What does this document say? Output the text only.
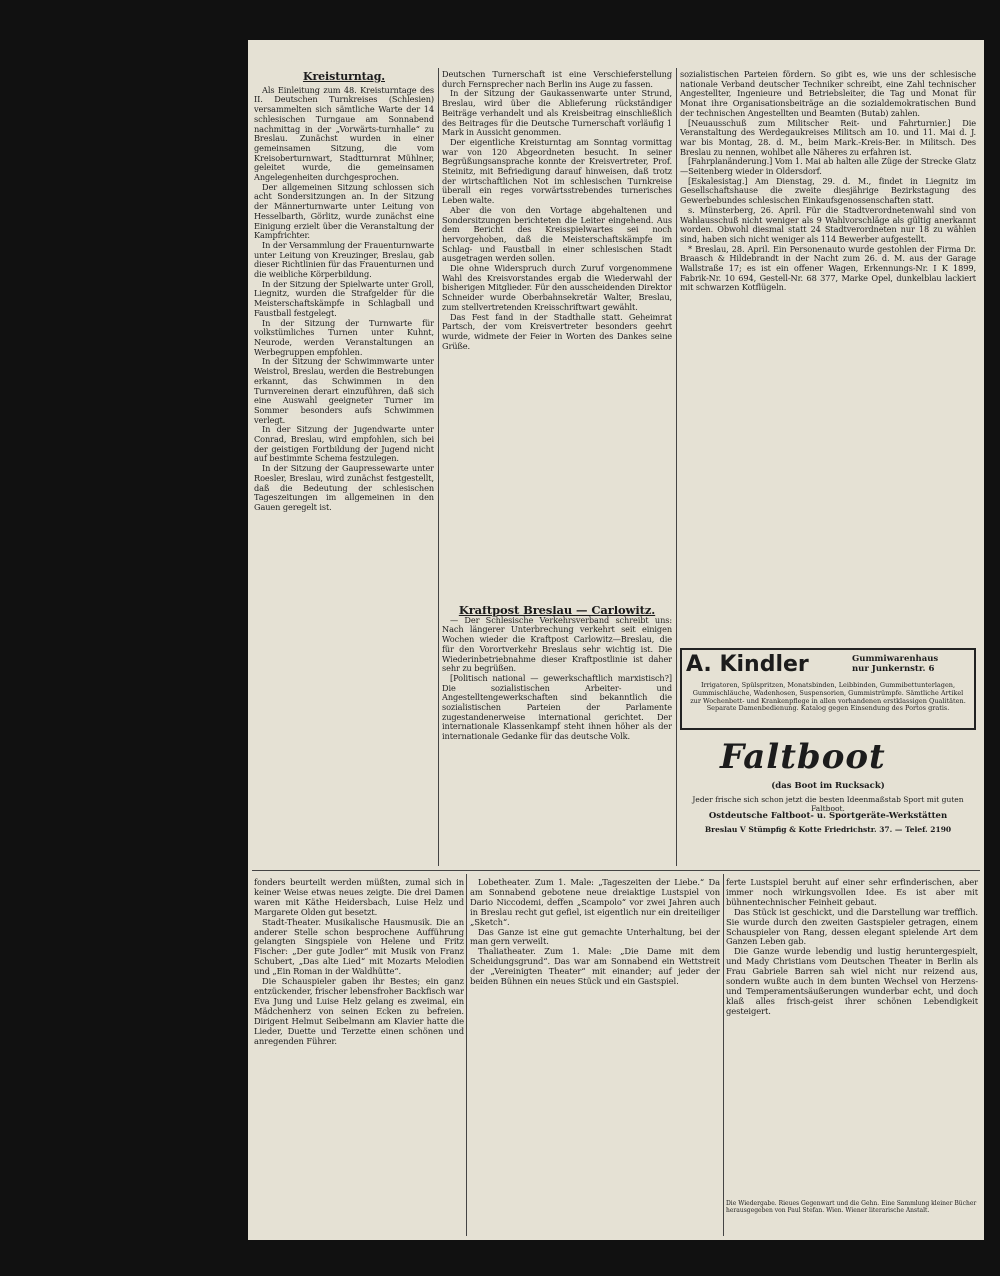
Kreisturntag.

Als Einleitung zum 48. Kreisturntage des II. Deutschen Turnkreises (Schlesien) versammelten sich sämtliche Warte der 14 schlesischen Turngaue am Sonnabend nachmittag in der „Vorwärts-turnhalle“ zu Breslau. Zunächst wurden in einer gemeinsamen Sitzung, die vom Kreisoberturnwart, Stadtturnrat Mühlner, geleitet wurde, die gemeinsamen Angelegenheiten durchgesprochen.

Der allgemeinen Sitzung schlossen sich acht Sondersitzungen an. In der Sitzung der Männerturnwarte unter Leitung von Hesselbarth, Görlitz, wurde zunächst eine Einigung erzielt über die Veranstaltung der Kampfrichter.

In der Versammlung der Frauenturnwarte unter Leitung von Kreuzinger, Breslau, gab dieser Richtlinien für das Frauenturnen und die weibliche Körperbildung.

In der Sitzung der Spielwarte unter Groll, Liegnitz, wurden die Strafgelder für die Meisterschaftskämpfe in Schlagball und Faustball festgelegt.

In der Sitzung der Turnwarte für volkstümliches Turnen unter Kuhnt, Neurode, werden Veranstaltungen an Werbegruppen empfohlen.

In der Sitzung der Schwimmwarte unter Weistrol, Breslau, werden die Bestrebungen erkannt, das Schwimmen in den Turnvereinen derart einzuführen, daß sich eine Auswahl geeigneter Turner im Sommer besonders aufs Schwimmen verlegt.

In der Sitzung der Jugendwarte unter Conrad, Breslau, wird empfohlen, sich bei der geistigen Fortbildung der Jugend nicht auf bestimmte Schema festzulegen.

In der Sitzung der Gaupressewarte unter Roesler, Breslau, wird zunächst festgestellt, daß die Bedeutung der schlesischen Tageszeitungen im allgemeinen in den Gauen geregelt ist.

Deutschen Turnerschaft ist eine Verschieferstellung durch Fernsprecher nach Berlin ins Auge zu fassen.

In der Sitzung der Gaukassenwarte unter Strund, Breslau, wird über die Ablieferung rückständiger Beiträge verhandelt und als Kreisbeitrag einschließlich des Beitrages für die Deutsche Turnerschaft vorläufig 1 Mark in Aussicht genommen.

Der eigentliche Kreisturntag am Sonntag vormittag war von 120 Abgeordneten besucht. In seiner Begrüßungsansprache konnte der Kreisvertreter, Prof. Steinitz, mit Befriedigung darauf hinweisen, daß trotz der wirtschaftlichen Not im schlesischen Turnkreise überall ein reges vorwärtsstrebendes turnerisches Leben walte.

Aber die von den Vortage abgehaltenen und Sondersitzungen berichteten die Leiter eingehend. Aus dem Bericht des Kreisspielwartes sei noch hervorgehoben, daß die Meisterschaftskämpfe im Schlag- und Faustball in einer schlesischen Stadt ausgetragen werden sollen.

Die ohne Widerspruch durch Zuruf vorgenommene Wahl des Kreisvorstandes ergab die Wiederwahl der bisherigen Mitglieder. Für den ausscheidenden Direktor Schneider wurde Oberbahnsekretär Walter, Breslau, zum stellvertretenden Kreisschriftwart gewählt.

Das Fest fand in der Stadthalle statt. Geheimrat Partsch, der vom Kreisvertreter besonders geehrt wurde, widmete der Feier in Worten des Dankes seine Grüße.

Kraftpost Breslau — Carlowitz.

— Der Schlesische Verkehrsverband schreibt uns: Nach längerer Unterbrechung verkehrt seit einigen Wochen wieder die Kraftpost Carlowitz—Breslau, die für den Vorortverkehr Breslaus sehr wichtig ist. Die Wiederinbetriebnahme dieser Kraftpostlinie ist daher sehr zu begrüßen.

[Politisch national — gewerkschaftlich marxistisch?] Die sozialistischen Arbeiter- und Angestelltengewerkschaften sind bekanntlich die sozialistischen Parteien der Parlamente zugestandenerweise international gerichtet. Der internationale Klassenkampf steht ihnen höher als der internationale Gedanke für das deutsche Volk.

sozialistischen Parteien fördern. So gibt es, wie uns der schlesische nationale Verband deutscher Techniker schreibt, eine Zahl technischer Angestellter, Ingenieure und Betriebsleiter, die Tag und Monat für Monat ihre Organisationsbeiträge an die sozialdemokratischen Bund der technischen Angestellten und Beamten (Butab) zahlen.

[Neuausschuß zum Militscher Reit- und Fahrturnier.] Die Veranstaltung des Werdegaukreises Militsch am 10. und 11. Mai d. J. war bis Montag, 28. d. M., beim Mark.-Kreis-Ber. in Militsch. Des Breslau zu nennen, wohlbet alle Näheres zu erfahren ist.

[Fahrplanänderung.] Vom 1. Mai ab halten alle Züge der Strecke Glatz—Seitenberg wieder in Oldersdorf.

[Eskalesistag.] Am Dienstag, 29. d. M., findet in Liegnitz im Gesellschaftshause die zweite diesjährige Bezirkstagung des Gewerbebundes schlesischen Einkaufsgenossenschaften statt.

s. Münsterberg, 26. April. Für die Stadtverordnetenwahl sind von Wahlausschuß nicht weniger als 9 Wahlvorschläge als gültig anerkannt worden. Obwohl diesmal statt 24 Stadtverordneten nur 18 zu wählen sind, haben sich nicht weniger als 114 Bewerber aufgestellt.

* Breslau, 28. April. Ein Personenauto wurde gestohlen der Firma Dr. Braasch & Hildebrandt in der Nacht zum 26. d. M. aus der Garage Wallstraße 17; es ist ein offener Wagen, Erkennungs-Nr. I K 1899, Fabrik-Nr. 10 694, Gestell-Nr. 68 377, Marke Opel, dunkelblau lackiert mit schwarzen Kotflügeln.

A. Kindler	Gummiwarenhaus
nur Junkernstr. 6
Irrigatoren, Spülspritzen, Monatsbinden, Leibbinden, Gummibettunterlagen, Gummischläuche, Wadenhosen, Suspensorien, Gummistrümpfe. Sämtliche Artikel zur Wochenbett- und Krankenpflege in allen vorhandenen erstklassigen Qualitäten. Separate Damenbedienung. Katalog gegen Einsendung des Portos gratis.
Faltboot
(das Boot im Rucksack)
Jeder frische sich schon jetzt die besten Ideenmaßstab Sport mit guten Faltboot.
Ostdeutsche Faltboot- u. Sportgeräte-Werkstätten
Breslau V Stümpfig & Kotte Friedrichstr. 37. — Telef. 2190

fonders beurteilt werden müßten, zumal sich in keiner Weise etwas neues zeigte. Die drei Damen waren mit Käthe Heidersbach, Luise Helz und Margarete Olden gut besetzt.

Stadt-Theater. Musikalische Hausmusik. Die an anderer Stelle schon besprochene Aufführung gelangten Singspiele von Helene und Fritz Fischer: „Der gute Jodler“ mit Musik von Franz Schubert, „Das alte Lied“ mit Mozarts Melodien und „Ein Roman in der Waldhütte“.

Die Schauspieler gaben ihr Bestes; ein ganz entzückender, frischer lebensfroher Backfisch war Eva Jung und Luise Helz gelang es zweimal, ein Mädchenherz von seinen Ecken zu befreien. Dirigent Helmut Seibelmann am Klavier hatte die Lieder, Duette und Terzette einen schönen und anregenden Führer.

Lobetheater. Zum 1. Male: „Tageszeiten der Liebe.“ Da am Sonnabend gebotene neue dreiaktige Lustspiel von Dario Niccodemi, deffen „Scampolo“ vor zwei Jahren auch in Breslau recht gut gefiel, ist eigentlich nur ein dreiteiliger „Sketch“.

Das Ganze ist eine gut gemachte Unterhaltung, bei der man gern verweilt.

Thaliatheater. Zum 1. Male: „Die Dame mit dem Scheidungsgrund“. Das war am Sonnabend ein Wettstreit der „Vereinigten Theater“ mit einander; auf jeder der beiden Bühnen ein neues Stück und ein Gastspiel.

ferte Lustspiel beruht auf einer sehr erfinderischen, aber immer noch wirkungsvollen Idee. Es ist aber mit bühnentechnischer Feinheit gebaut.

Das Stück ist geschickt, und die Darstellung war trefflich. Sie wurde durch den zweiten Gastspieler getragen, einem Schauspieler von Rang, dessen elegant spielende Art dem Ganzen Leben gab.

Die Ganze wurde lebendig und lustig heruntergespielt, und Mady Christians vom Deutschen Theater in Berlin als Frau Gabriele Barren sah wiel nicht nur reizend aus, sondern wußte auch in dem bunten Wechsel von Herzens- und Temperamentsäußerungen wunderbar echt, und doch klaß alles frisch-geist ihrer schönen Lebendigkeit gesteigert.

Die Wiedergabe. Rieues Gegenwart und die Gehn. Eine Sammlung kleiner Bücher herausgegeben von Paul Stefan. Wien. Wiener literarische Anstalt.
